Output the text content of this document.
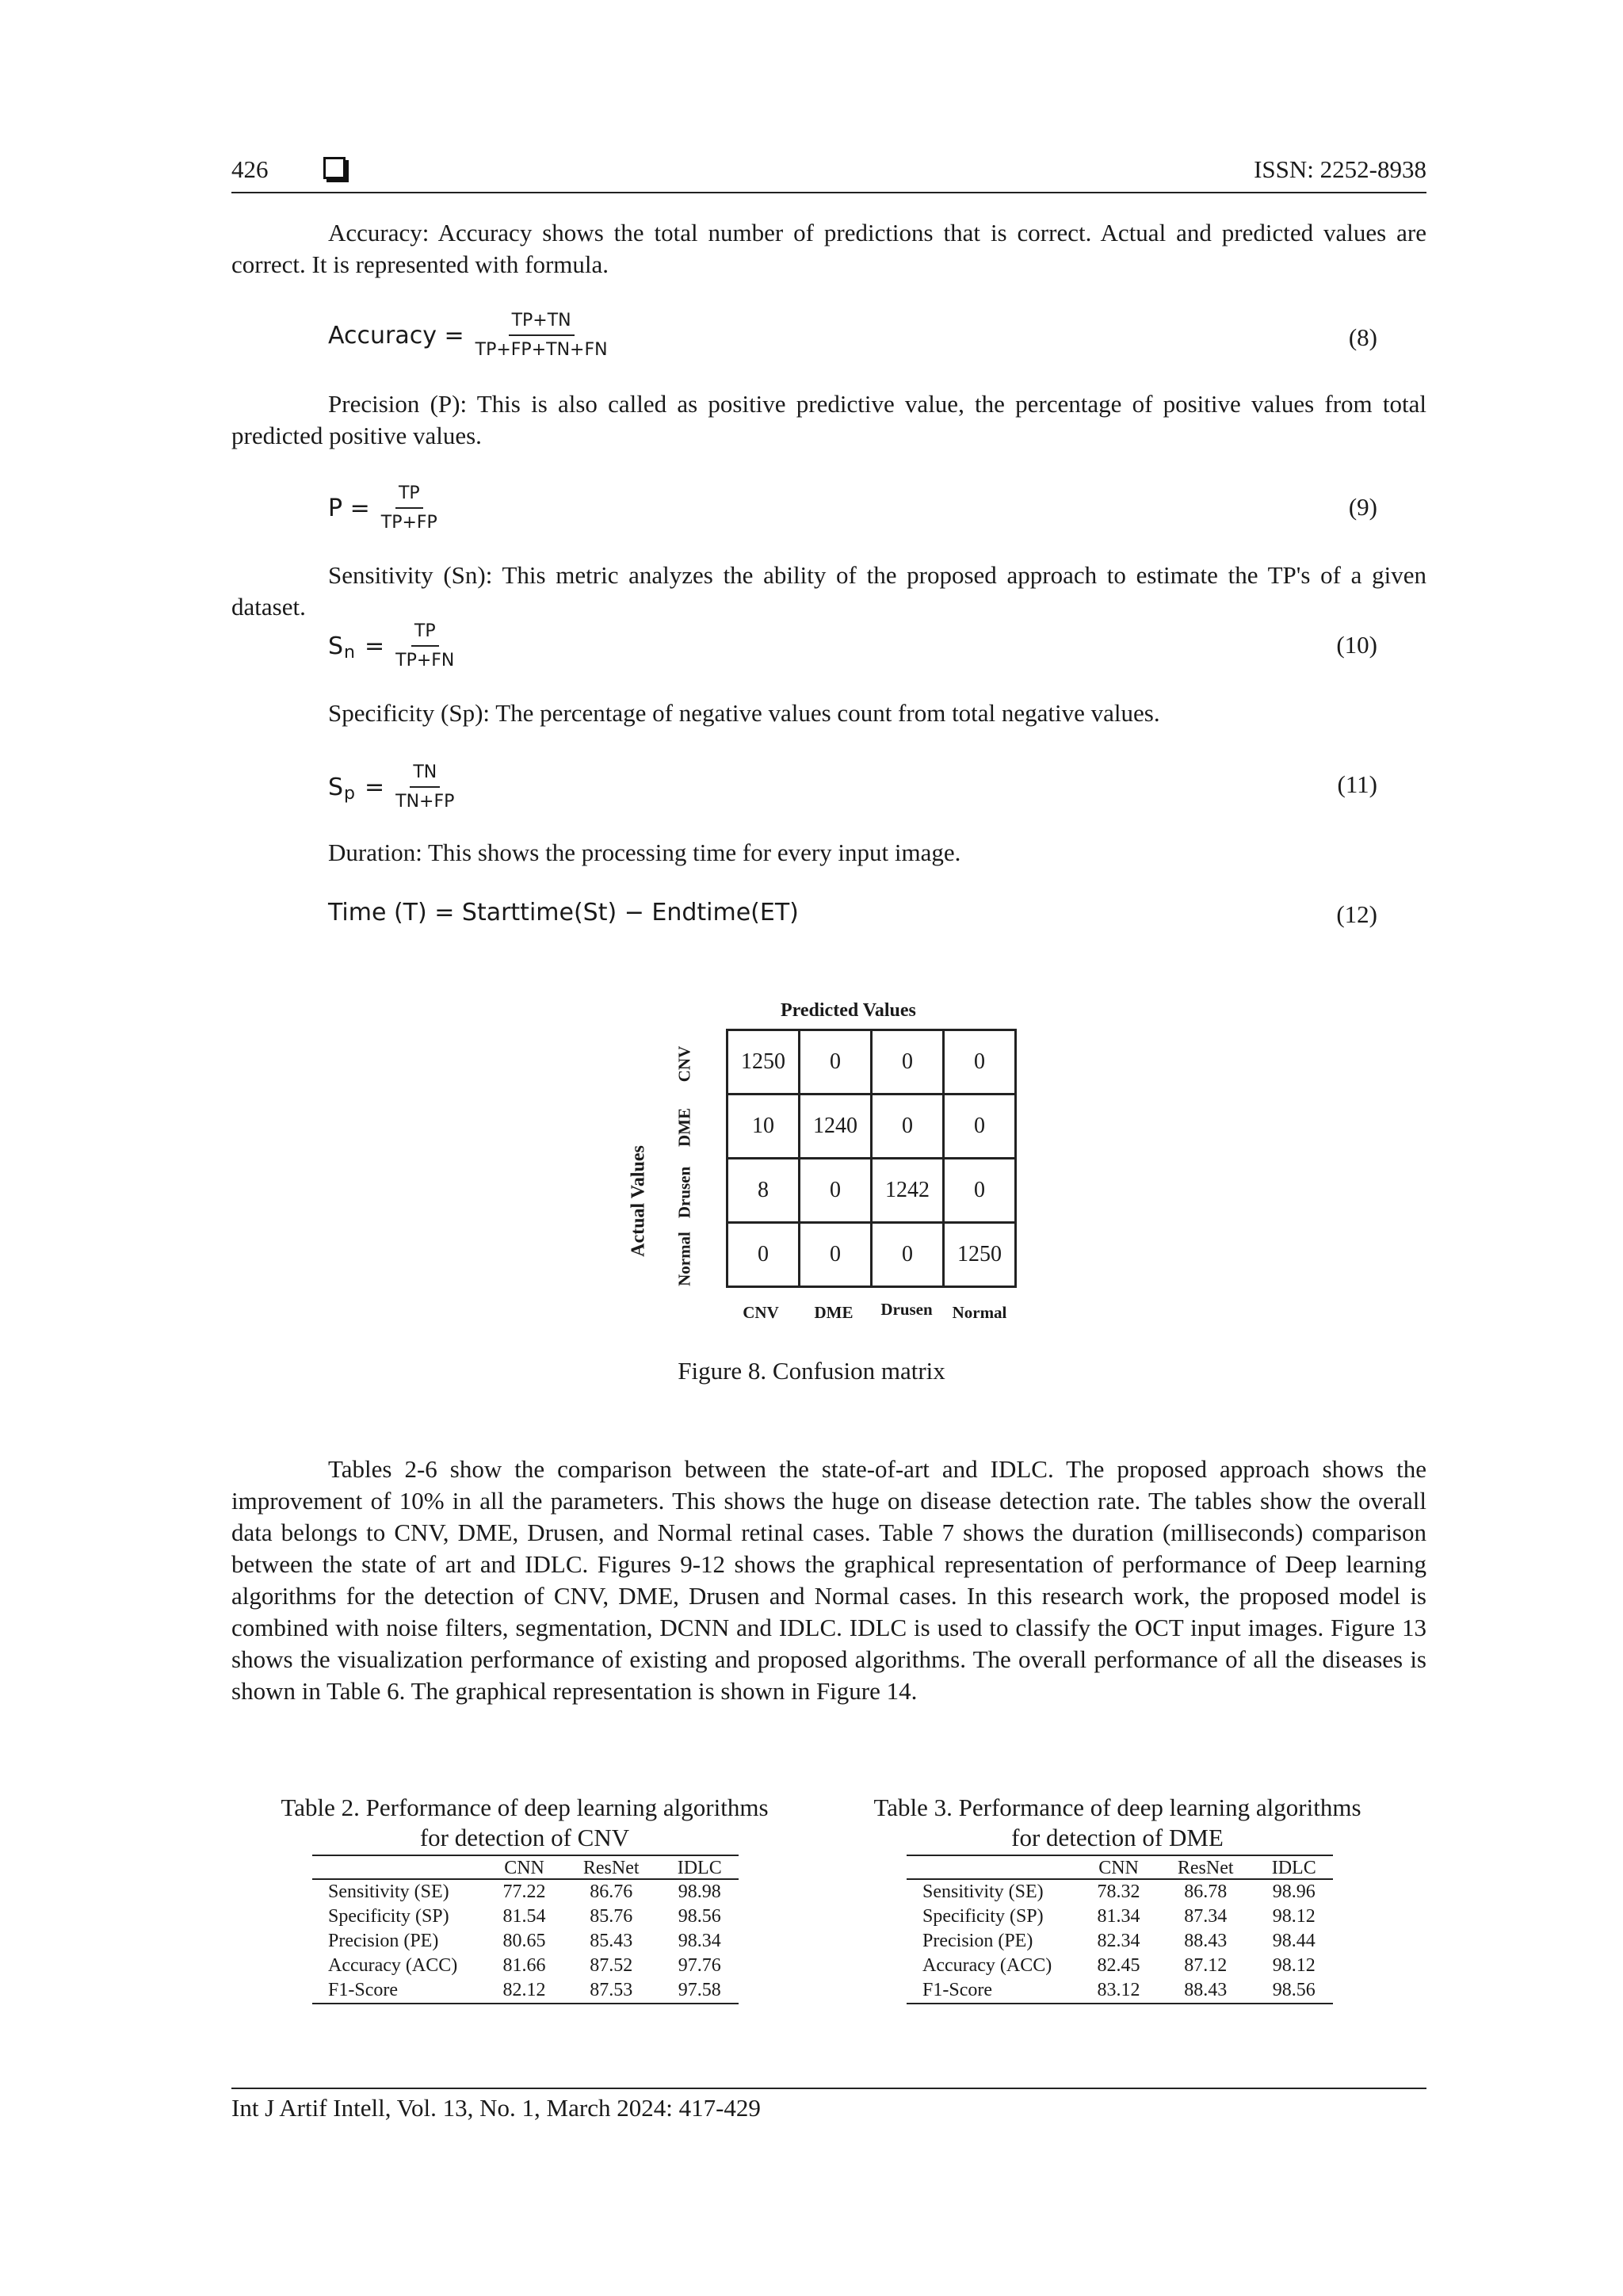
426	ISSN: 2252-8938
Accuracy: Accuracy shows the total number of predictions that is correct. Actual and predicted values are correct. It is represented with formula.
Accuracy = $\frac{TP+TN}{TP+FP+TN+FN}$	(8)
Precision (P): This is also called as positive predictive value, the percentage of positive values from total predicted positive values.
$P = \frac{TP}{TP+FP}$	(9)
Sensitivity (Sn): This metric analyzes the ability of the proposed approach to estimate the TP's of a given dataset.
S $n = \frac{TP}{TP+FN}$	(10)
Specificity (Sp): The percentage of negative values count from total negative values.
S $p = \frac{TN}{TN+FP}$	(11)
Duration: This shows the processing time for every input image.
Time (T) = Starttime(St) − Endtime(ET)	(12)
Predicted Values
Actual Values
CNV
DME
Drusen
Normal
1250	0	0	0
10	1240	0	0
8	0	1242	0
0	0	0	1250
CNV	DME	Drusen	Normal
Figure 8. Confusion matrix
Tables 2-6 show the comparison between the state-of-art and IDLC. The proposed approach shows the improvement of 10% in all the parameters. This shows the huge on disease detection rate. The tables show the overall data belongs to CNV, DME, Drusen, and Normal retinal cases. Table 7 shows the duration (milliseconds) comparison between the state of art and IDLC. Figures 9-12 shows the graphical representation of performance of Deep learning algorithms for the detection of CNV, DME, Drusen and Normal cases. In this research work, the proposed model is combined with noise filters, segmentation, DCNN and IDLC. IDLC is used to classify the OCT input images. Figure 13 shows the visualization performance of existing and proposed algorithms. The overall performance of all the diseases is shown in Table 6. The graphical representation is shown in Figure 14.
Table 2. Performance of deep learning algorithms
for detection of CNV
	CNN	ResNet	IDLC
Sensitivity (SE)	77.22	86.76	98.98
Specificity (SP)	81.54	85.76	98.56
Precision (PE)	80.65	85.43	98.34
Accuracy (ACC)	81.66	87.52	97.76
F1-Score	82.12	87.53	97.58
Table 3. Performance of deep learning algorithms
for detection of DME
	CNN	ResNet	IDLC
Sensitivity (SE)	78.32	86.78	98.96
Specificity (SP)	81.34	87.34	98.12
Precision (PE)	82.34	88.43	98.44
Accuracy (ACC)	82.45	87.12	98.12
F1-Score	83.12	88.43	98.56
Int J Artif Intell, Vol. 13, No. 1, March 2024: 417-429
